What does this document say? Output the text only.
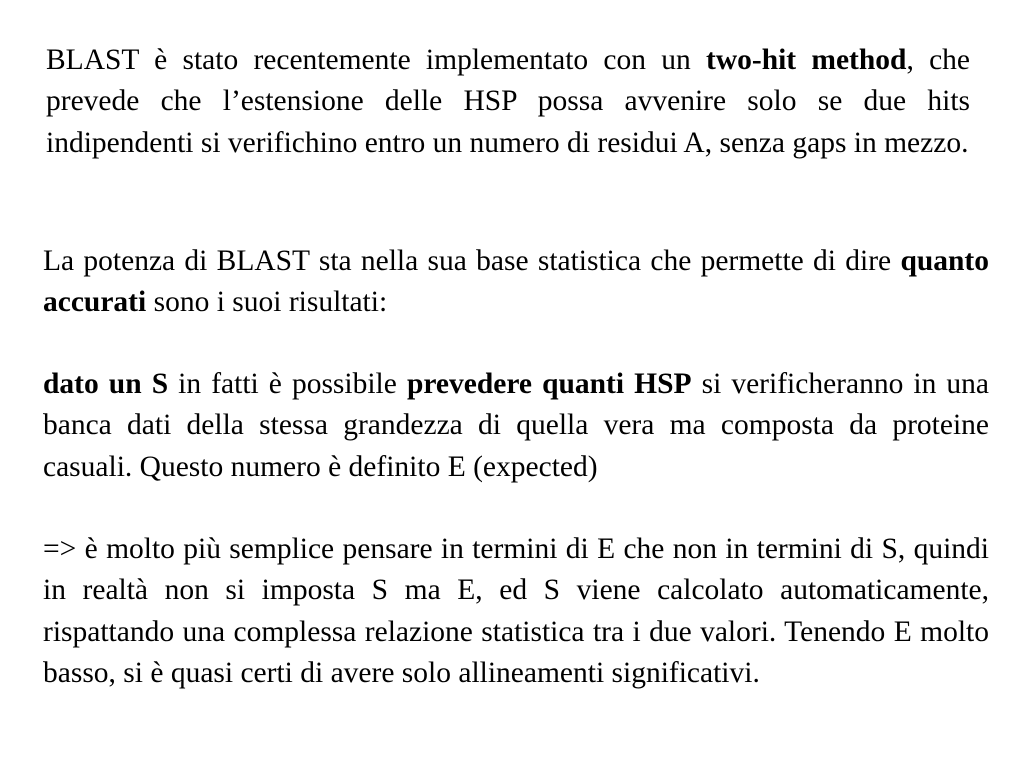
BLAST è stato recentemente implementato con un two-hit method, che prevede che l’estensione delle HSP possa avvenire solo se due hits indipendenti si verifichino entro un numero di residui A, senza gaps in mezzo.

La potenza di BLAST sta nella sua base statistica che permette di dire quanto accurati sono i suoi risultati:

dato un S in fatti è possibile prevedere quanti HSP si verificheranno in una banca dati della stessa grandezza di quella vera ma composta da proteine casuali. Questo numero è definito E (expected)

=> è molto più semplice pensare in termini di E che non in termini di S, quindi in realtà non si imposta S ma E, ed S viene calcolato automaticamente, rispattando una complessa relazione statistica tra i due valori. Tenendo E molto basso, si è quasi certi di avere solo allineamenti significativi.
